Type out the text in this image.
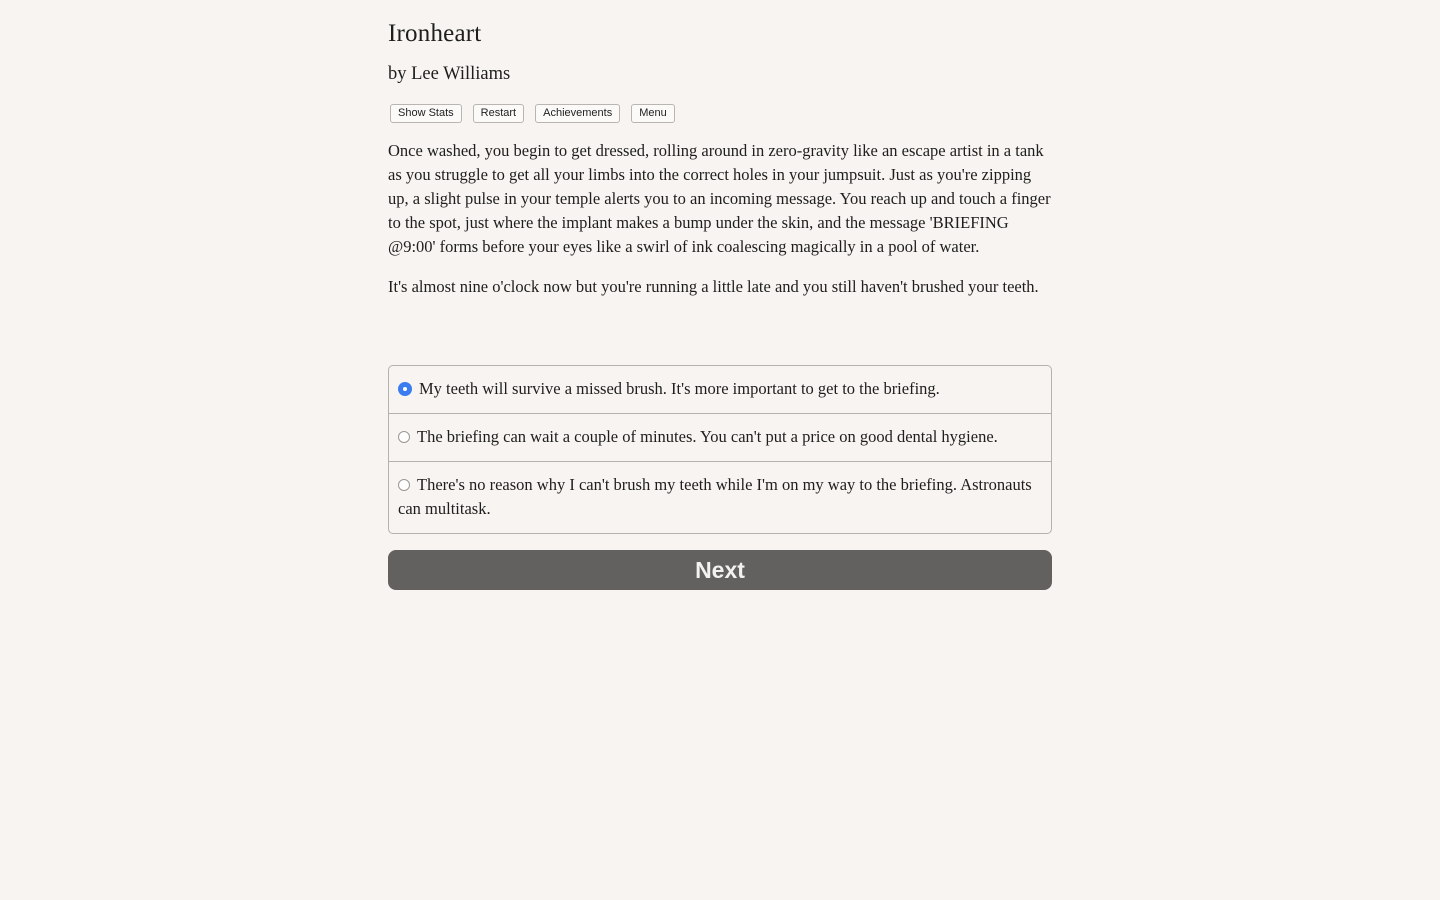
Ironheart

by Lee Williams

Show Stats	Restart	Achievements	Menu

Once washed, you begin to get dressed, rolling around in zero-gravity like an escape artist in a tank as you struggle to get all your limbs into the correct holes in your jumpsuit. Just as you're zipping up, a slight pulse in your temple alerts you to an incoming message. You reach up and touch a finger to the spot, just where the implant makes a bump under the skin, and the message 'BRIEFING @9:00' forms before your eyes like a swirl of ink coalescing magically in a pool of water.

It's almost nine o'clock now but you're running a little late and you still haven't brushed your teeth.

My teeth will survive a missed brush. It's more important to get to the briefing.
The briefing can wait a couple of minutes. You can't put a price on good dental hygiene.
There's no reason why I can't brush my teeth while I'm on my way to the briefing. Astronauts can multitask.
Next
